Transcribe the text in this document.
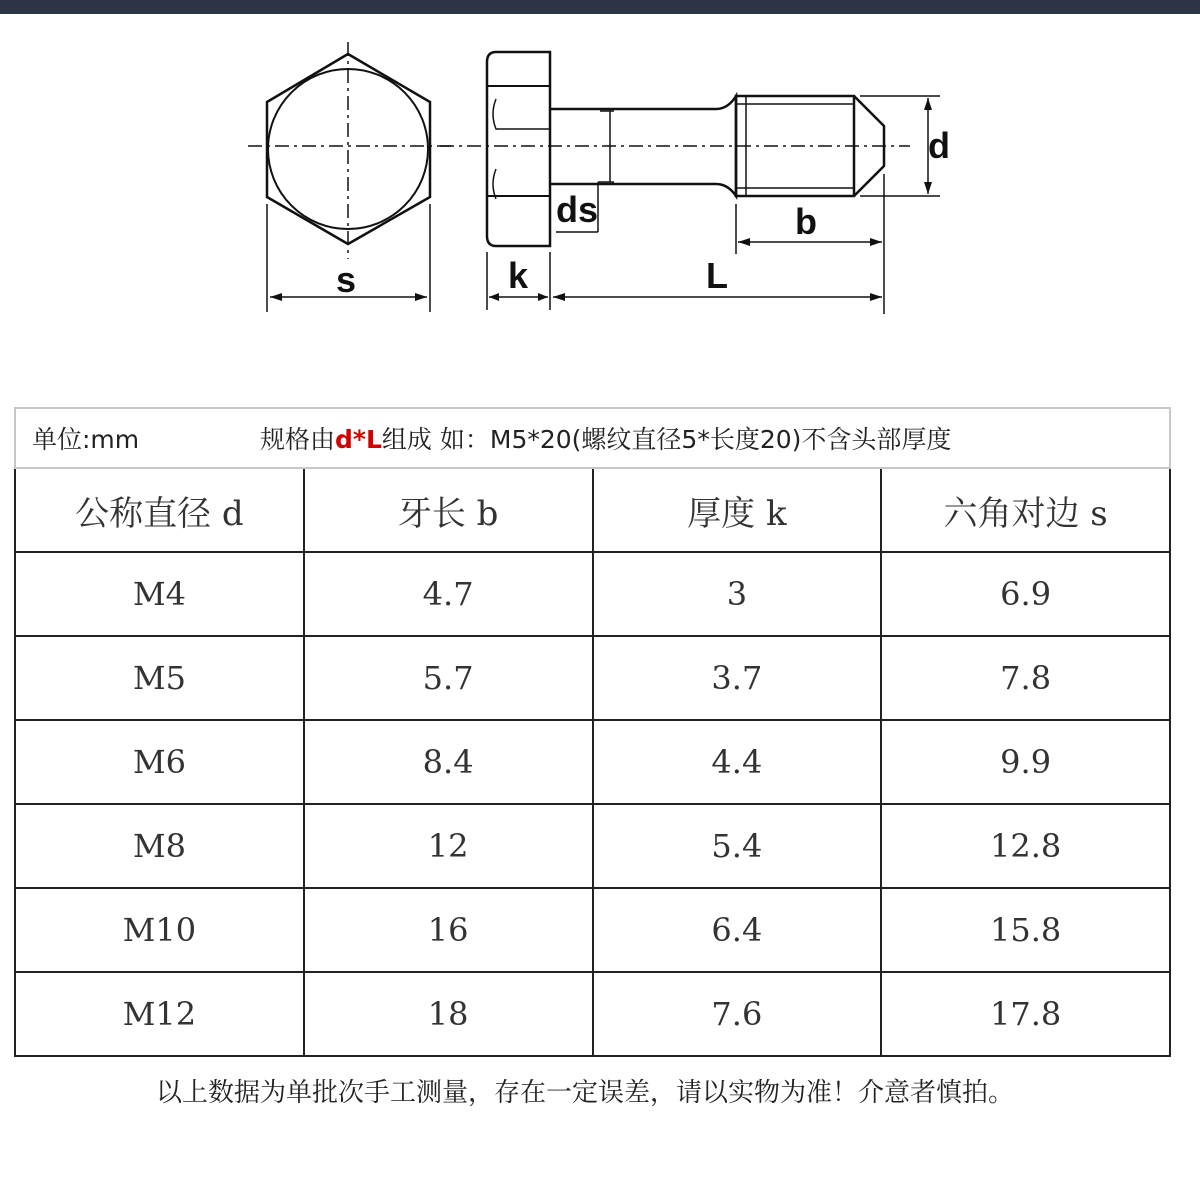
s	k
ds	b
L
d
单位:mm 规格由d*L组成 如：M5*20(螺纹直径5*长度20)不含头部厚度			

公称直径 d	牙长 b	厚度 k	六角对边 s
M4	4.7	3	6.9
M5	5.7	3.7	7.8
M6	8.4	4.4	9.9
M8	12	5.4	12.8
M10	16	6.4	15.8
M12	18	7.6	17.8
以上数据为单批次手工测量，存在一定误差，请以实物为准！介意者慎拍。
